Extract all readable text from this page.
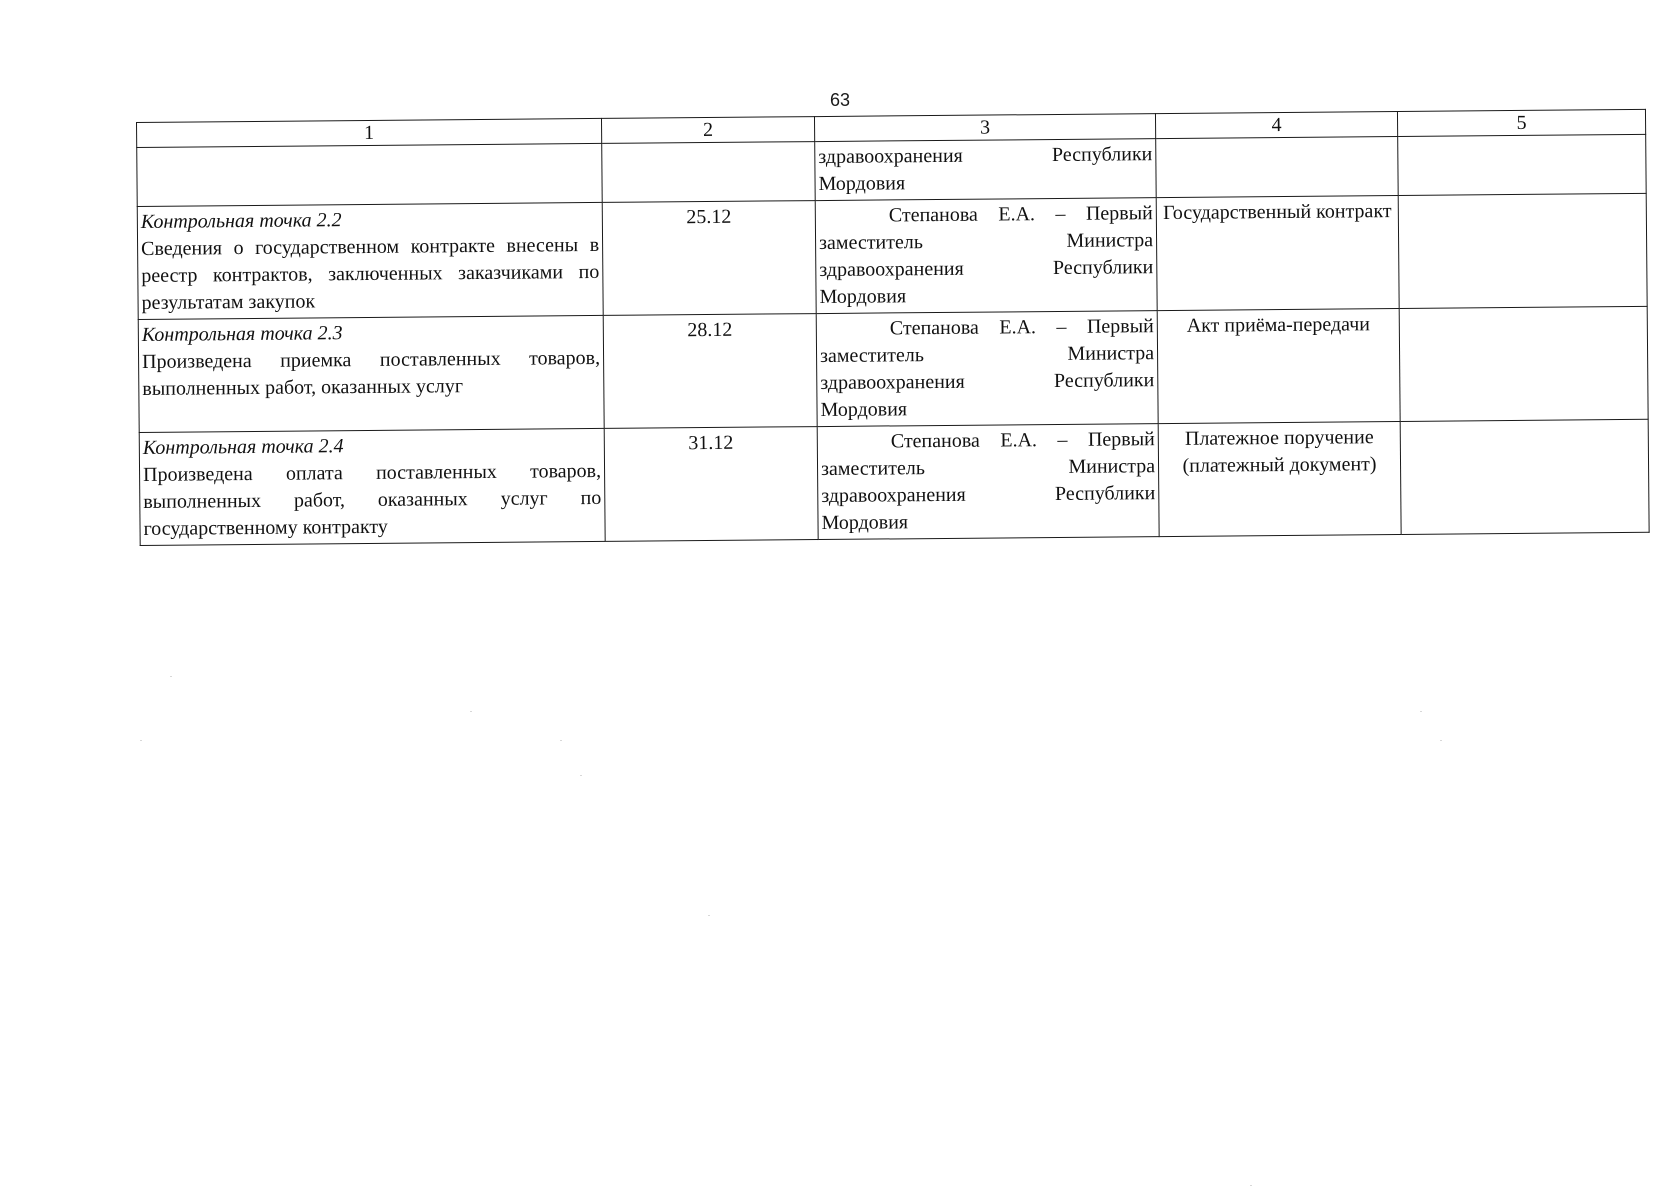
63
1	2	3	4	5

		здравоохранения Республики Мордовия		

Контрольная точка 2.2
Сведения о государственном контракте внесены в реестр контрактов, заключенных заказчиками по результатам закупок	25.12	Степанова Е.А. – Первый заместитель Министра здравоохранения Республики Мордовия	Государственный контракт	

Контрольная точка 2.3
Произведена приемка поставленных товаров, выполненных работ, оказанных услуг	28.12	Степанова Е.А. – Первый заместитель Министра здравоохранения Республики Мордовия	Акт приёма-передачи	

Контрольная точка 2.4
Произведена оплата поставленных товаров, выполненных работ, оказанных услуг по государственному контракту	31.12	Степанова Е.А. – Первый заместитель Министра здравоохранения Республики Мордовия	Платежное поручение (платежный документ)	
